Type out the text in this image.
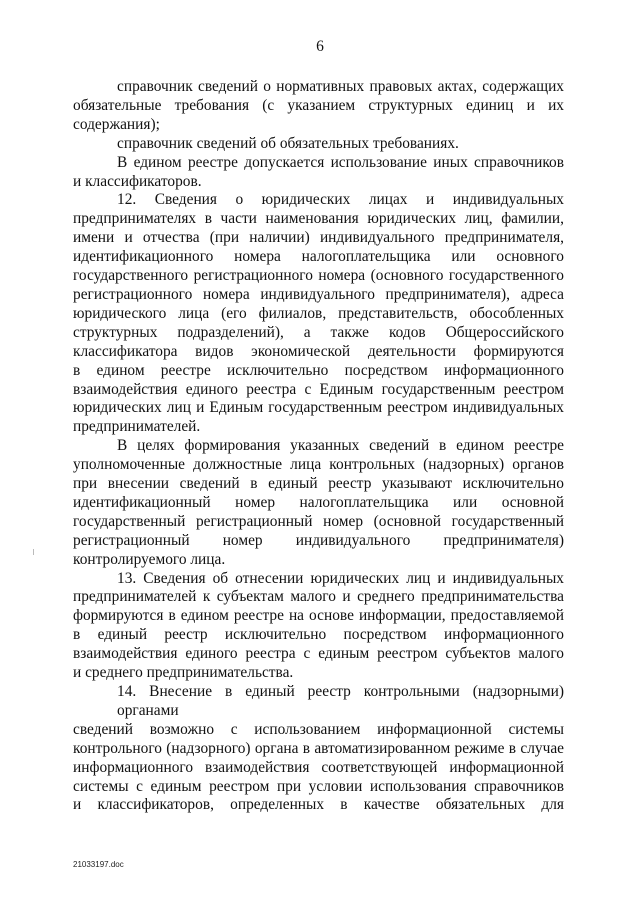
6
справочник сведений о нормативных правовых актах, содержащих
обязательные требования (с указанием структурных единиц и их
содержания);
справочник сведений об обязательных требованиях.
В едином реестре допускается использование иных справочников
и классификаторов.
12. Сведения о юридических лицах и индивидуальных
предпринимателях в части наименования юридических лиц, фамилии,
имени и отчества (при наличии) индивидуального предпринимателя,
идентификационного номера налогоплательщика или основного
государственного регистрационного номера (основного государственного
регистрационного номера индивидуального предпринимателя), адреса
юридического лица (его филиалов, представительств, обособленных
структурных подразделений), а также кодов Общероссийского
классификатора видов экономической деятельности формируются
в едином реестре исключительно посредством информационного
взаимодействия единого реестра с Единым государственным реестром
юридических лиц и Единым государственным реестром индивидуальных
предпринимателей.
В целях формирования указанных сведений в едином реестре
уполномоченные должностные лица контрольных (надзорных) органов
при внесении сведений в единый реестр указывают исключительно
идентификационный номер налогоплательщика или основной
государственный регистрационный номер (основной государственный
регистрационный номер индивидуального предпринимателя)
контролируемого лица.
13. Сведения об отнесении юридических лиц и индивидуальных
предпринимателей к субъектам малого и среднего предпринимательства
формируются в едином реестре на основе информации, предоставляемой
в единый реестр исключительно посредством информационного
взаимодействия единого реестра с единым реестром субъектов малого
и среднего предпринимательства.
14. Внесение в единый реестр контрольными (надзорными) органами
сведений возможно с использованием информационной системы
контрольного (надзорного) органа в автоматизированном режиме в случае
информационного взаимодействия соответствующей информационной
системы с единым реестром при условии использования справочников
и классификаторов, определенных в качестве обязательных для
21033197.doc
